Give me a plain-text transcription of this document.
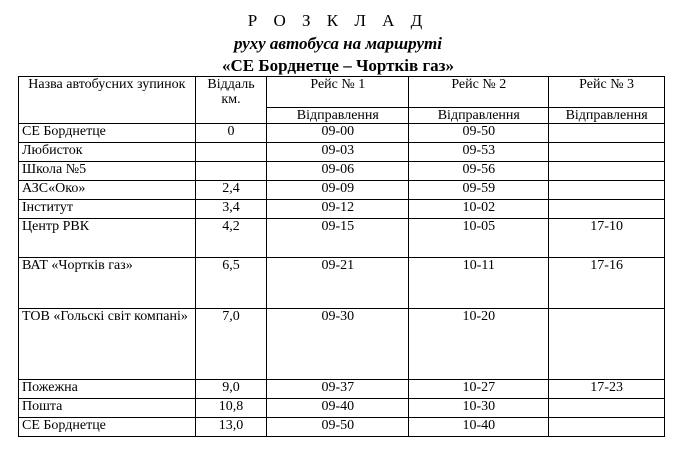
Р О З К Л А Д
руху автобуса на маршруті
«СЕ Борднетце – Чортків газ»
Назва автобусних зупинок	Віддаль км.	Рейс № 1	Рейс № 2	Рейс № 3
		Відправлення	Відправлення	Відправлення
СЕ Борднетце	0	09-00	09-50	
Любисток		09-03	09-53	
Школа №5		09-06	09-56	
АЗС«Око»	2,4	09-09	09-59	
Інститут	3,4	09-12	10-02	
Центр РВК	4,2	09-15	10-05	17-10
ВАТ «Чортків газ»	6,5	09-21	10-11	17-16
ТОВ «Гольскі світ компані»	7,0	09-30	10-20	
Пожежна	9,0	09-37	10-27	17-23
Пошта	10,8	09-40	10-30	
СЕ Борднетце	13,0	09-50	10-40	
